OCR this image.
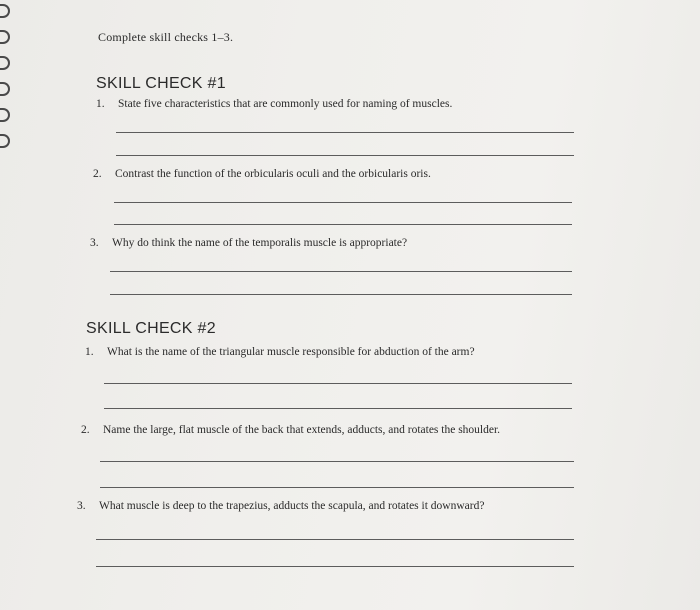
Complete skill checks 1–3.
SKILL CHECK #1
1. State five characteristics that are commonly used for naming of muscles.
2. Contrast the function of the orbicularis oculi and the orbicularis oris.
3. Why do think the name of the temporalis muscle is appropriate?
SKILL CHECK #2
1. What is the name of the triangular muscle responsible for abduction of the arm?
2. Name the large, flat muscle of the back that extends, adducts, and rotates the shoulder.
3. What muscle is deep to the trapezius, adducts the scapula, and rotates it downward?
